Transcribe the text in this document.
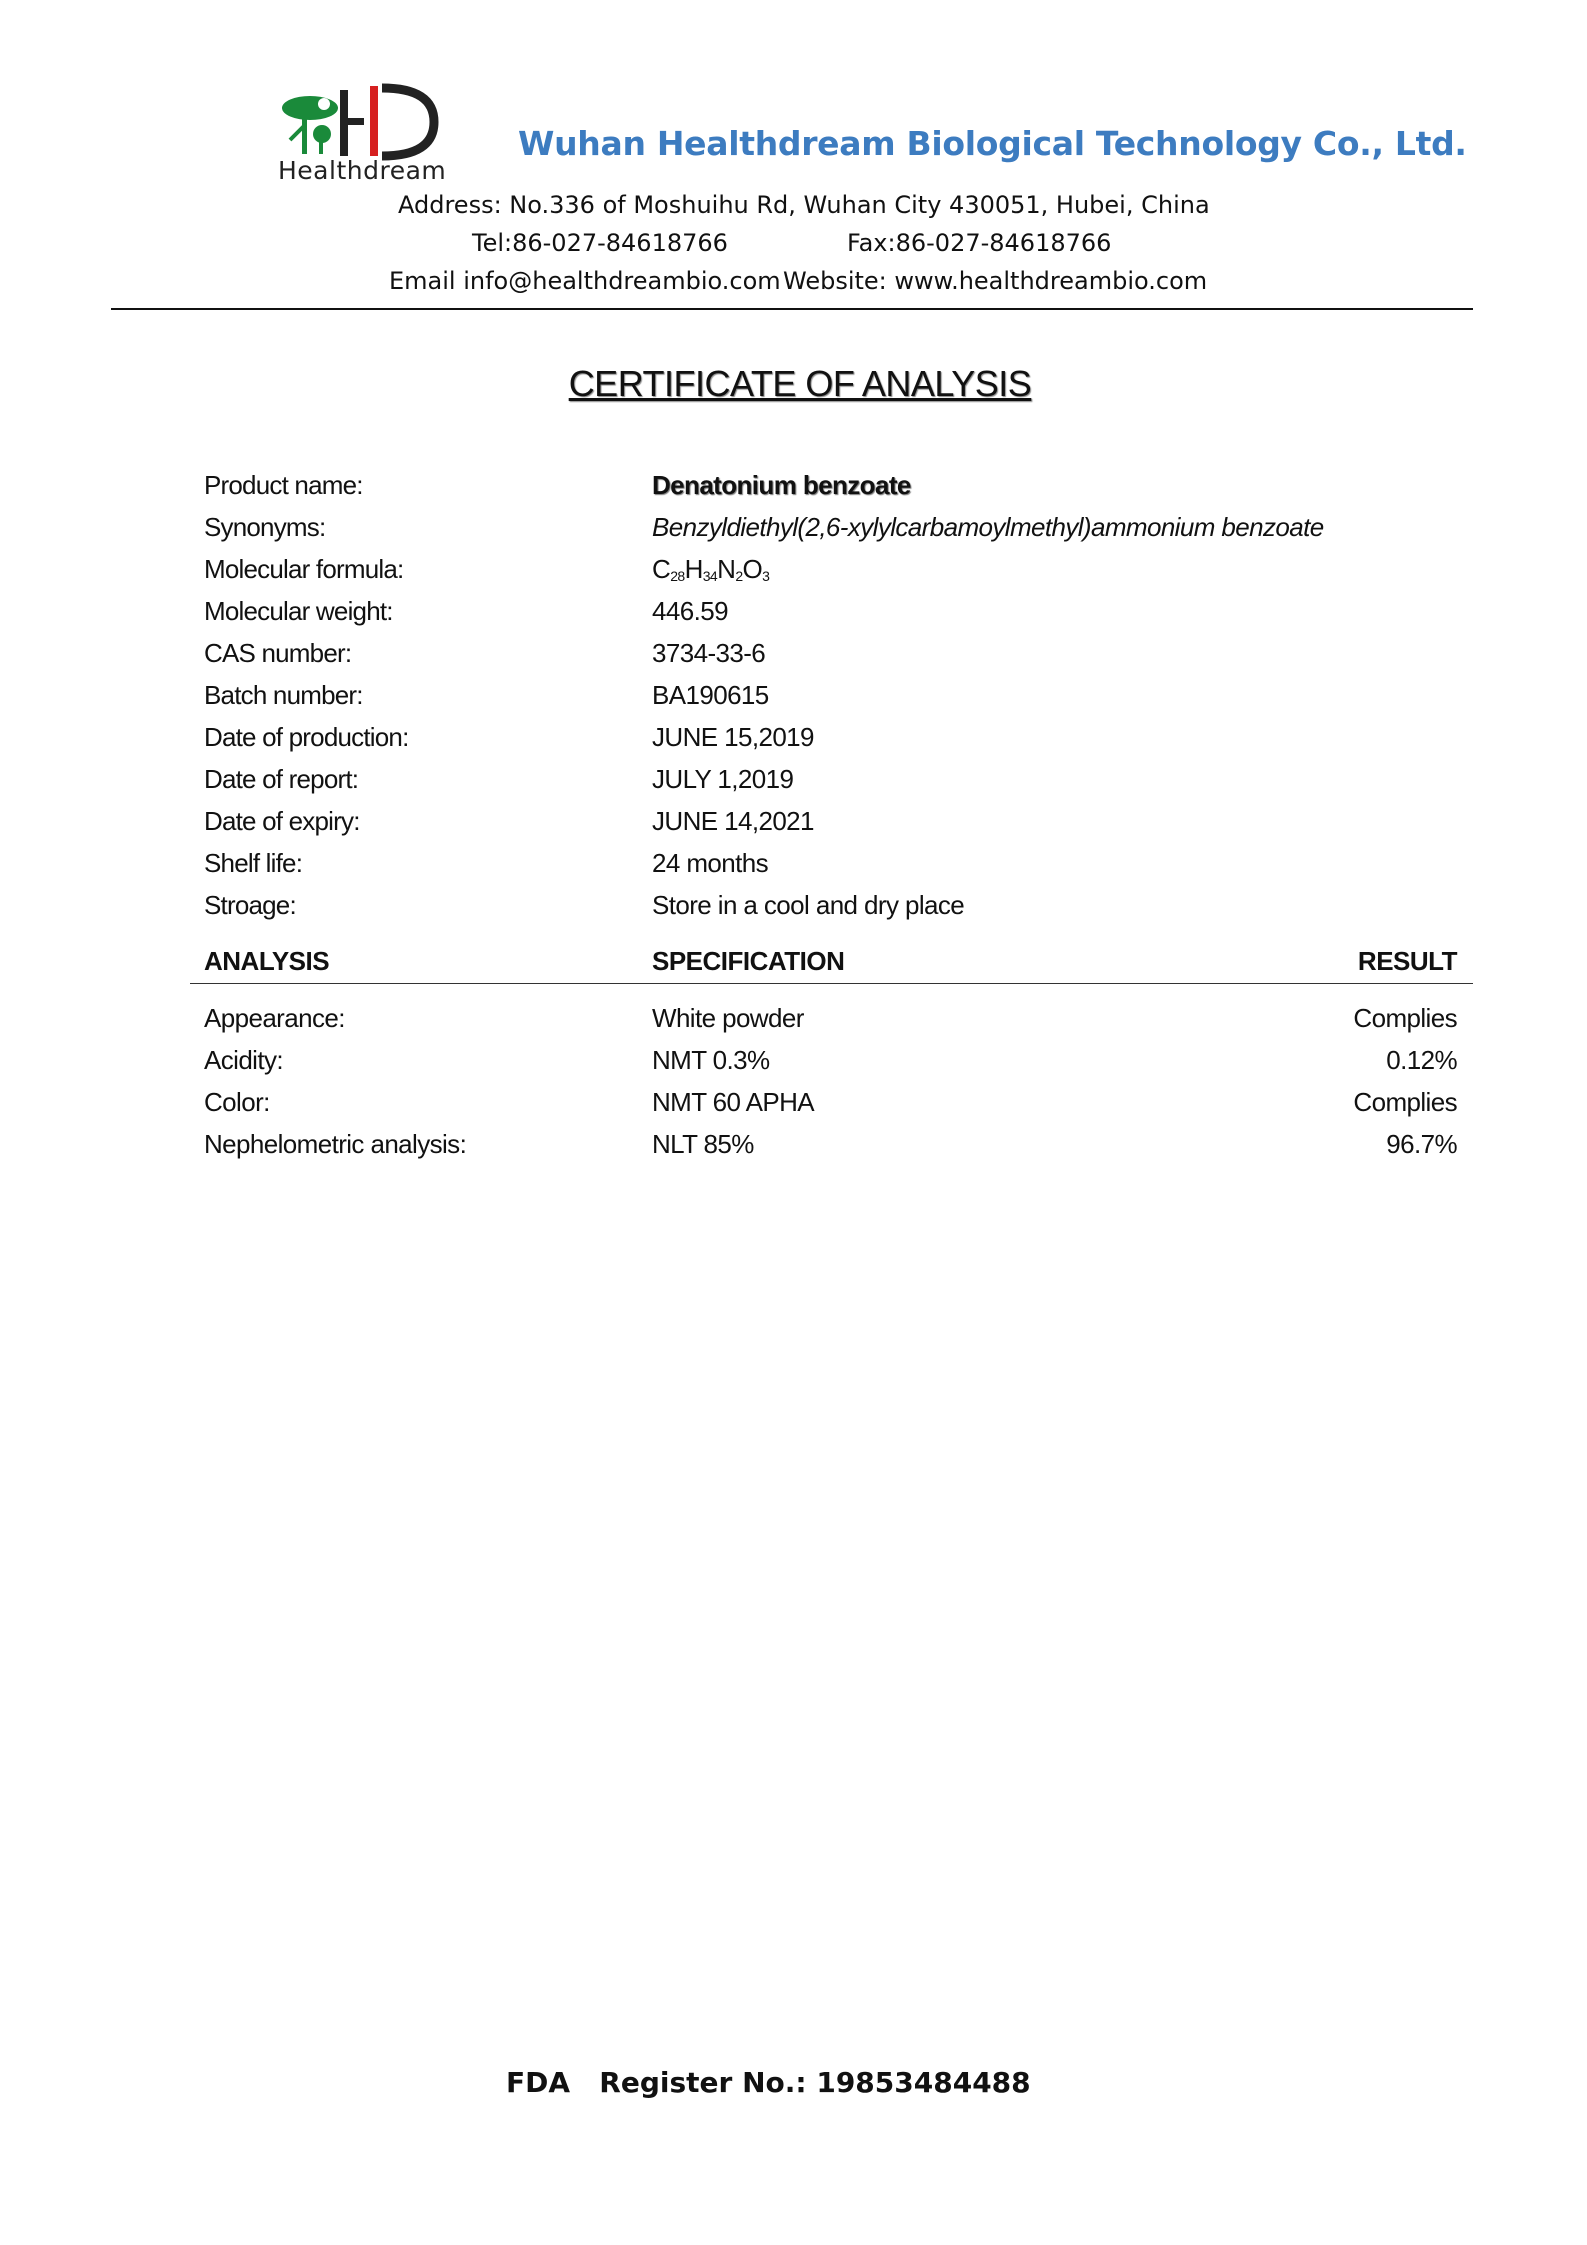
Healthdream
Wuhan Healthdream Biological Technology Co., Ltd.
Address: No.336 of Moshuihu Rd, Wuhan City 430051, Hubei, China
Tel:86-027-84618766	Fax:86-027-84618766
Email info@healthdreambio.com Website: www.healthdreambio.com
CERTIFICATE OF ANALYSIS
Product name:	Denatonium benzoate
Synonyms:	Benzyldiethyl(2,6-xylylcarbamoylmethyl)ammonium benzoate
Molecular formula:	$C_{28}H_{34}N_2O_3$
Molecular weight:	446.59
CAS number:	3734-33-6
Batch number:	BA190615
Date of production:	JUNE 15,2019
Date of report:	JULY 1,2019
Date of expiry:	JUNE 14,2021
Shelf life:	24 months
Stroage:	Store in a cool and dry place
ANALYSIS	SPECIFICATION	RESULT
Appearance:	White powder	Complies
Acidity:	NMT 0.3%	0.12%
Color:	NMT 60 APHA	Complies
Nephelometric analysis:	NLT 85%	96.7%
FDA Register No.: 19853484488
